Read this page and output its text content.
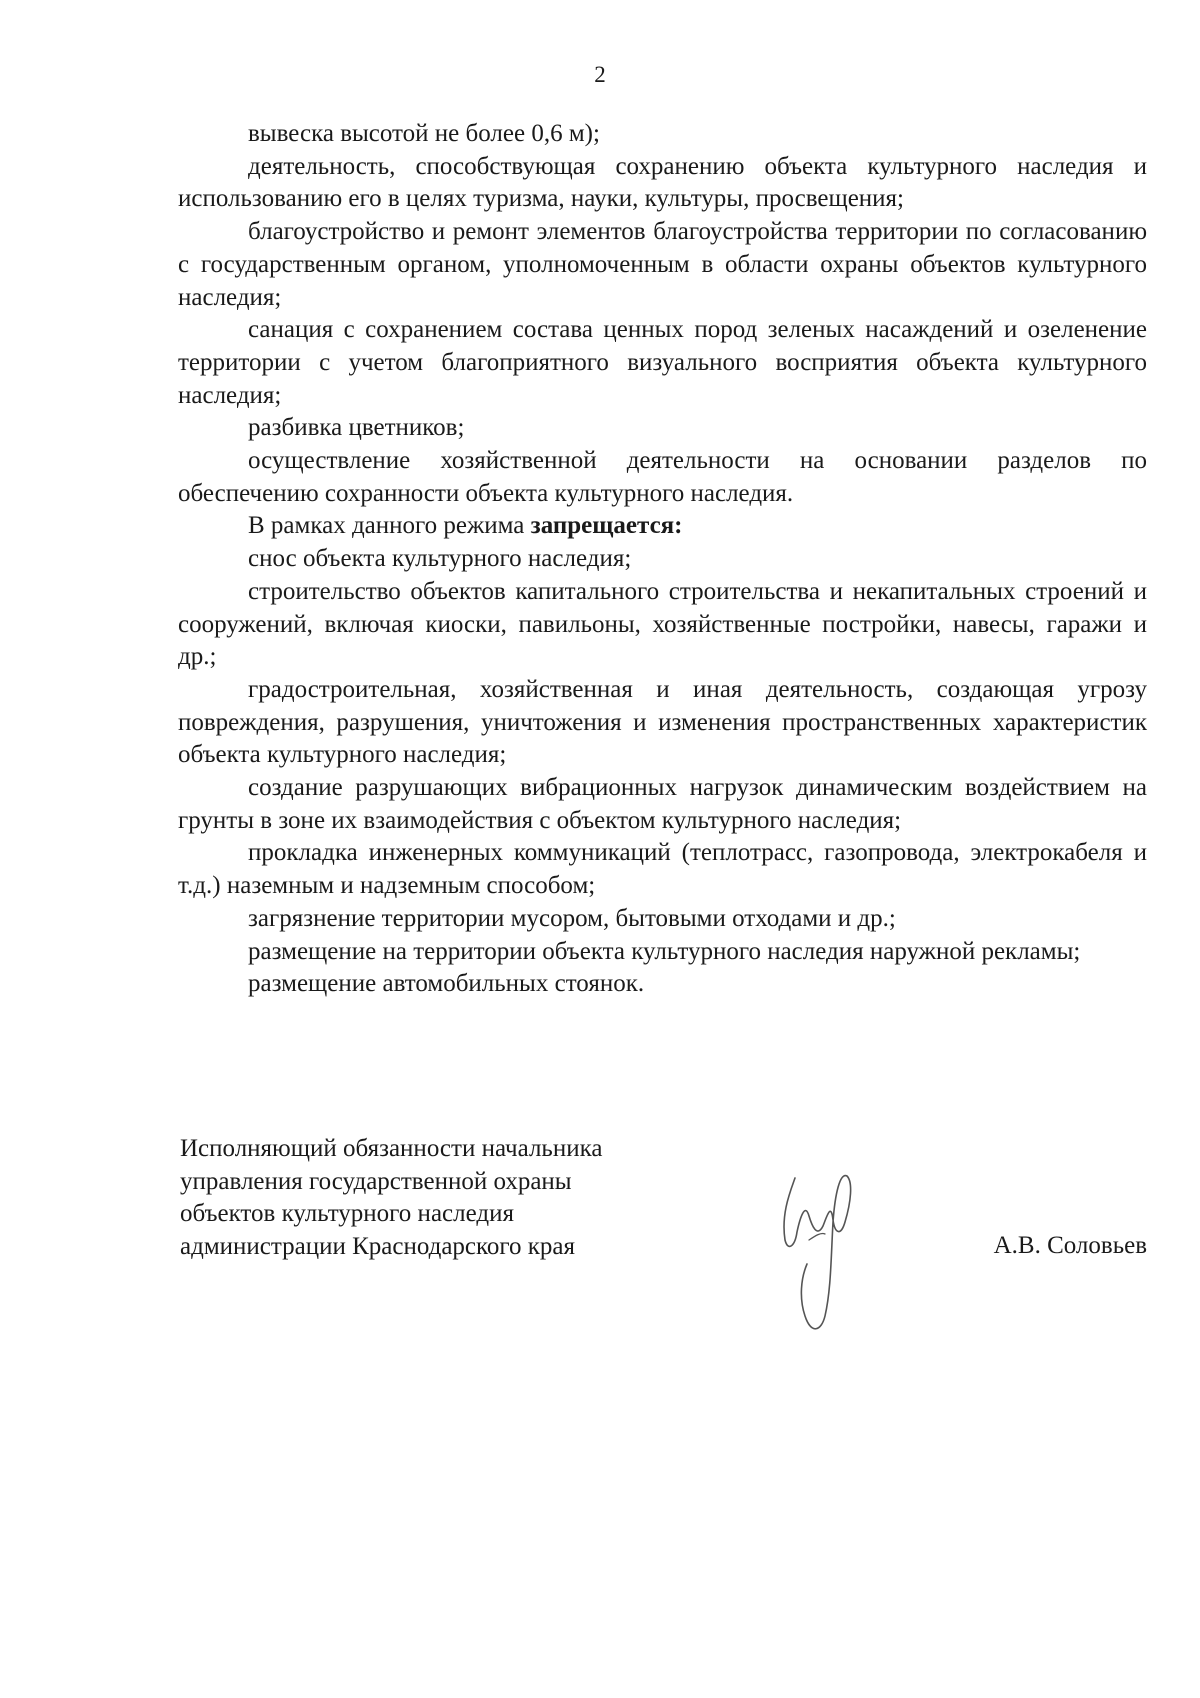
2

вывеска высотой не более 0,6 м);

деятельность, способствующая сохранению объекта культурного наследия и использованию его в целях туризма, науки, культуры, просвещения;

благоустройство и ремонт элементов благоустройства территории по согласованию с государственным органом, уполномоченным в области охраны объектов культурного наследия;

санация с сохранением состава ценных пород зеленых насаждений и озеленение территории с учетом благоприятного визуального восприятия объекта культурного наследия;

разбивка цветников;

осуществление хозяйственной деятельности на основании разделов по обеспечению сохранности объекта культурного наследия.

В рамках данного режима запрещается:

снос объекта культурного наследия;

строительство объектов капитального строительства и некапитальных строений и сооружений, включая киоски, павильоны, хозяйственные постройки, навесы, гаражи и др.;

градостроительная, хозяйственная и иная деятельность, создающая угрозу повреждения, разрушения, уничтожения и изменения пространственных характеристик объекта культурного наследия;

создание разрушающих вибрационных нагрузок динамическим воздействием на грунты в зоне их взаимодействия с объектом культурного наследия;

прокладка инженерных коммуникаций (теплотрасс, газопровода, электрокабеля и т.д.) наземным и надземным способом;

загрязнение территории мусором, бытовыми отходами и др.;

размещение на территории объекта культурного наследия наружной рекламы;

размещение автомобильных стоянок.

Исполняющий обязанности начальника
управления государственной охраны
объектов культурного наследия
администрации Краснодарского края	А.В. Соловьев
